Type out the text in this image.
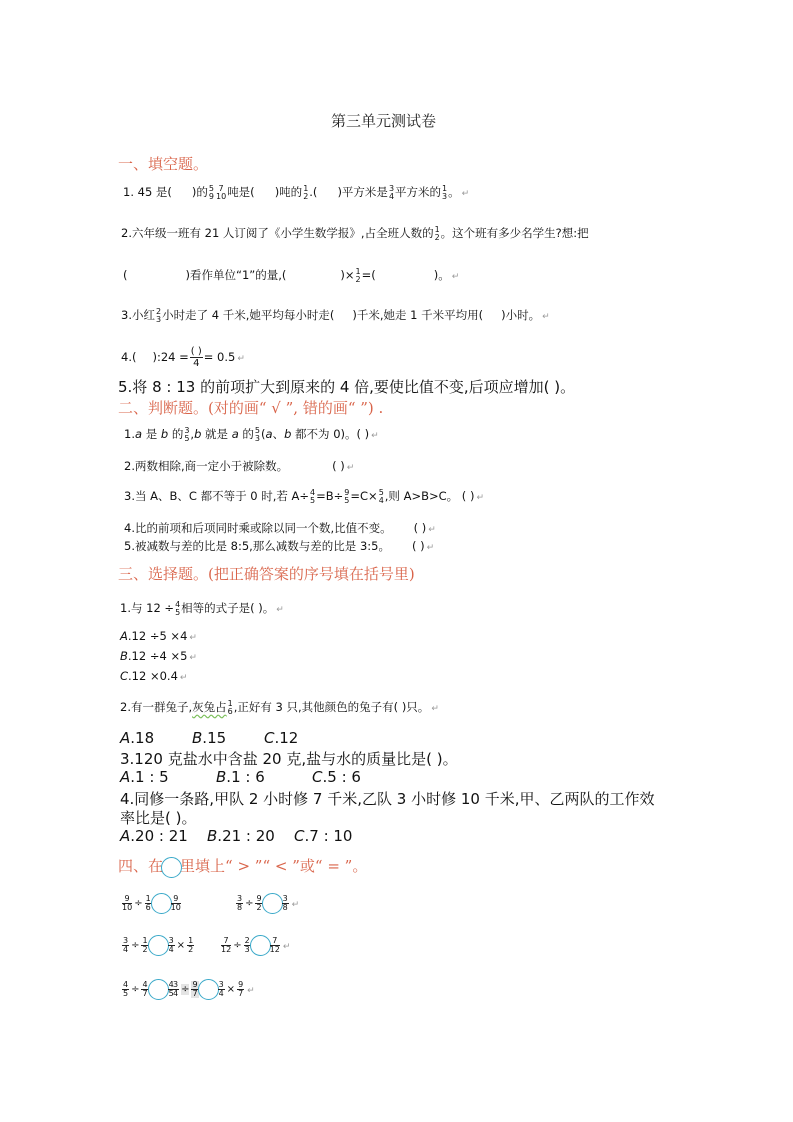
第三单元测试卷
一、填空题。
1. 45 是( )的 5
9
7
10 吨是( )吨的 1
2 .( )平方米是 3
4 平方米的 1
3 。 ↵
2.六年级一班有 21 人订阅了《小学生数学报》,占全班人数的 1
2 。这个班有多少名学生?想:把
(	)看作单位“1”的量,(	)× 1
2 =(	)。 ↵
3.小红 2
3 小时走了 4 千米,她平均每小时走( )千米,她走 1 千米平均用( )小时。 ↵
4.( ):24 = $\frac{( )}{4} = 0.5$ ↵
5.将 8 : 13 的前项扩大到原来的 4 倍,要使比值不变,后项应增加( )。
二、判断题。(对的画“ √ ”, 错的画“ ”) .
1.a 是 b 的 3
5 ,b 就是 a 的 5
3 (a、b 都不为 0)。( ) ↵
2.两数相除,商一定小于被除数。	( ) ↵
3.当 A、B、C 都不等于 0 时,若 A÷ 4
5 =B÷ 9
5 =C× 5
4 ,则 A>B>C。 ( ) ↵
4.比的前项和后项同时乘或除以同一个数,比值不变。 ( ) ↵
5.被减数与差的比是 8:5,那么减数与差的比是 3:5。 ( ) ↵
三、选择题。(把正确答案的序号填在括号里)
1.与 12 ÷ 4
5 相等的式子是( )。 ↵
A.12 ÷5 ×4 ↵
B.12 ÷4 ×5 ↵
C.12 ×0.4 ↵
2.有一群兔子,灰兔占 1
6 ,正好有 3 只,其他颜色的兔子有( )只。 ↵
A.18	B.15	C.12
3.120 克盐水中含盐 20 克,盐与水的质量比是( )。
A.1 : 5	B.1 : 6	C.5 : 6
4.同修一条路,甲队 2 小时修 7 千米,乙队 3 小时修 10 千米,甲、乙两队的工作效
率比是( )。
A.20 : 21 B.21 : 20 C.7 : 10
四、在 里填上“ > ”“ < ”或“ = ”。
$\frac{9}{10} \div \frac{1}{6} \frac{9}{10}$	$\frac{3}{8} \div \frac{9}{2} \frac{3}{8}$ ↵
$\frac{3}{4} \div \frac{1}{2} \frac{3}{4} \times \frac{1}{2}$	$\frac{7}{12} \div \frac{2}{3} \frac{7}{12}$ ↵
$\frac{4}{5} \div \frac{4}{7} \frac{4}{5}$
$\frac{3}{4} \div \frac{9}{7} \frac{3}{4} \times \frac{9}{7}$ ↵
